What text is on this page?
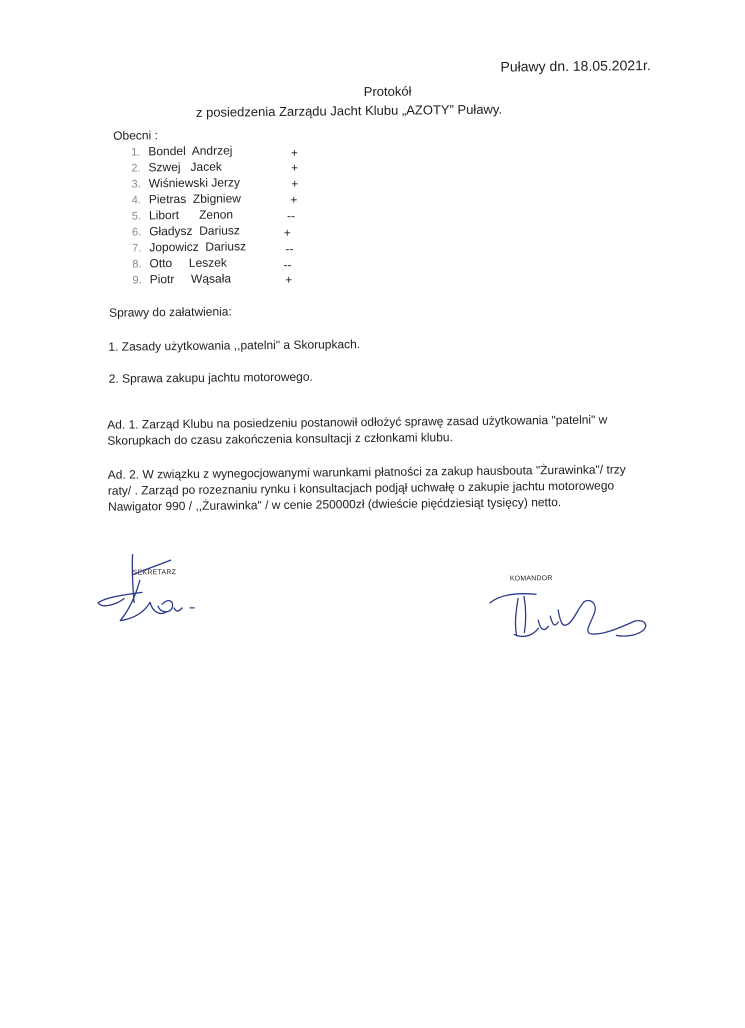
Puławy dn. 18.05.2021r.
Protokół
z posiedzenia Zarządu Jacht Klubu „AZOTY” Puławy.
Obecni :
1. Bondel  Andrzej	+
2. Szwej   Jacek	+
3. Wiśniewski Jerzy	+
4. Pietras  Zbigniew	+
5. Libort      Zenon	--
6. Gładysz  Dariusz	+
7. Jopowicz  Dariusz	--
8. Otto     Leszek	--
9. Piotr     Wąsała	+
Sprawy do załatwienia:
1. Zasady użytkowania ,,patelni" a Skorupkach.
2. Sprawa zakupu jachtu motorowego.
Ad. 1. Zarząd Klubu na posiedzeniu postanowił odłożyć sprawę zasad użytkowania "patelni" w
Skorupkach do czasu zakończenia konsultacji z członkami klubu.
Ad. 2. W związku z wynegocjowanymi warunkami płatności za zakup hausbouta "Żurawinka"/ trzy
raty/ . Zarząd po rozeznaniu rynku i konsultacjach podjął uchwałę o zakupie jachtu motorowego
Nawigator 990 / ,,Żurawinka" / w cenie 250000zł (dwieście pięćdziesiąt tysięcy) netto.
SEKRETARZ
KOMANDOR
